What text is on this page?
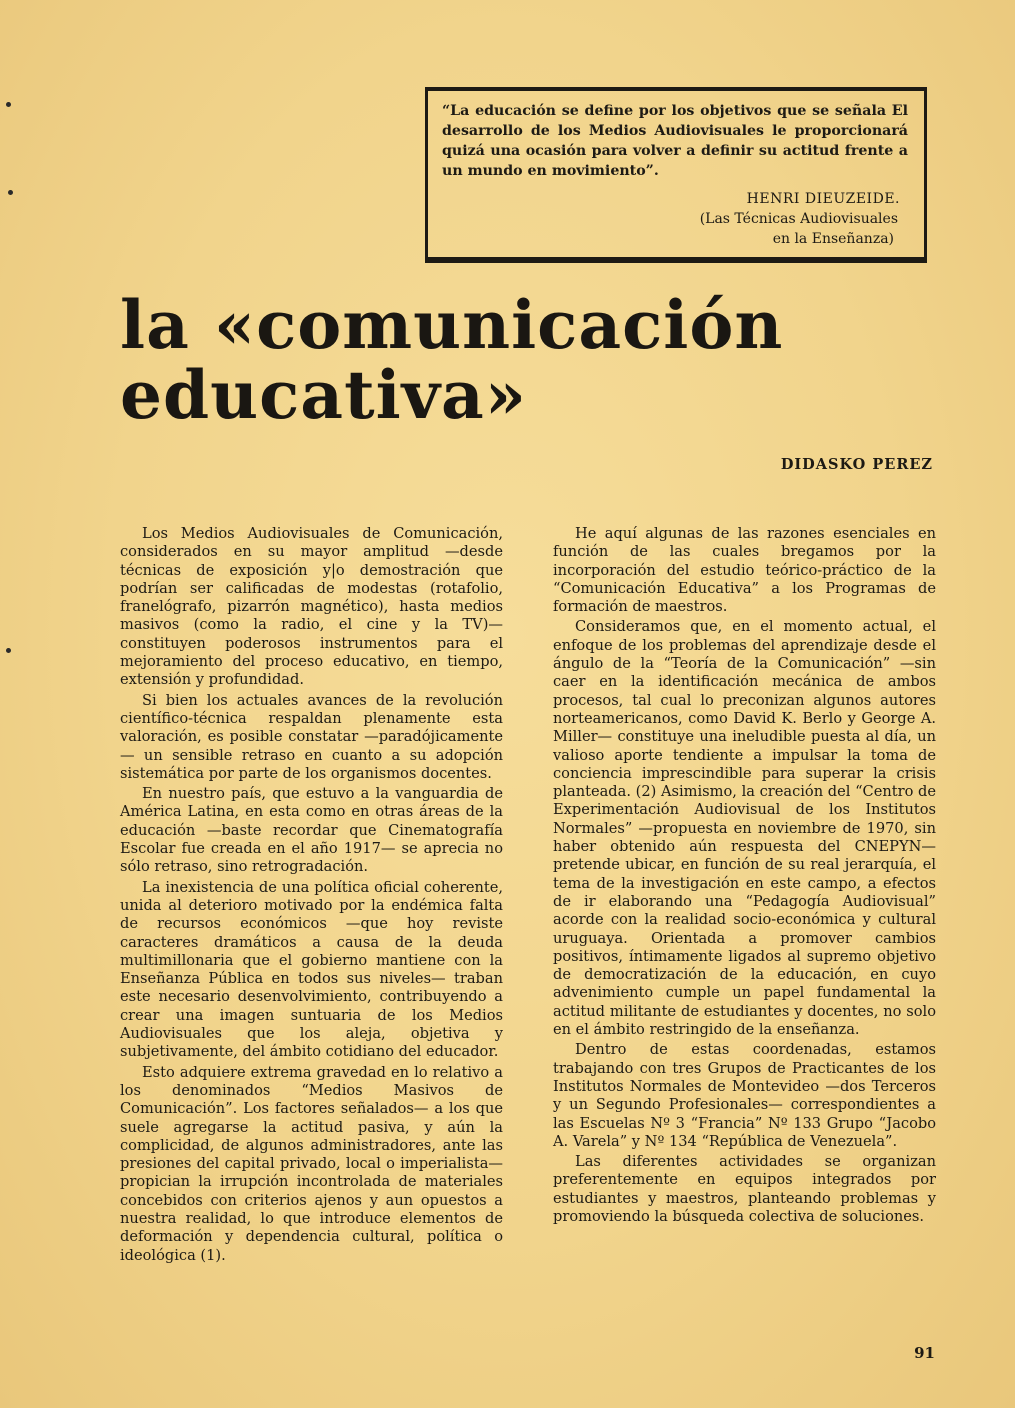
“La educación se define por los objetivos que se señala El desarrollo de los Medios Audiovisuales le proporcionará quizá una ocasión para volver a definir su actitud frente a un mundo en movimiento”.

HENRI DIEUZEIDE.

(Las Técnicas Audiovisuales
en la Enseñanza)

la «comunicación
educativa»
DIDASKO PEREZ

Los Medios Audiovisuales de Comunicación, considerados en su mayor amplitud —desde técnicas de exposición y|o demostración que podrían ser calificadas de modestas (rotafolio, franelógrafo, pizarrón magnético), hasta medios masivos (como la radio, el cine y la TV)— constituyen poderosos instrumentos para el mejoramiento del proceso educativo, en tiempo, extensión y profundidad.

Si bien los actuales avances de la revolución científico-técnica respaldan plenamente esta valoración, es posible constatar —paradójicamente— un sensible retraso en cuanto a su adopción sistemática por parte de los organismos docentes.

En nuestro país, que estuvo a la vanguardia de América Latina, en esta como en otras áreas de la educación —baste recordar que Cinematografía Escolar fue creada en el año 1917— se aprecia no sólo retraso, sino retrogradación.

La inexistencia de una política oficial coherente, unida al deterioro motivado por la endémica falta de recursos económicos —que hoy reviste caracteres dramáticos a causa de la deuda multimillonaria que el gobierno mantiene con la Enseñanza Pública en todos sus niveles— traban este necesario desenvolvimiento, contribuyendo a crear una imagen suntuaria de los Medios Audiovisuales que los aleja, objetiva y subjetivamente, del ámbito cotidiano del educador.

Esto adquiere extrema gravedad en lo relativo a los denominados “Medios Masivos de Comunicación”. Los factores señalados— a los que suele agregarse la actitud pasiva, y aún la complicidad, de algunos administradores, ante las presiones del capital privado, local o imperialista— propician la irrupción incontrolada de materiales concebidos con criterios ajenos y aun opuestos a nuestra realidad, lo que introduce elementos de deformación y dependencia cultural, política o ideológica (1).

He aquí algunas de las razones esenciales en función de las cuales bregamos por la incorporación del estudio teórico-práctico de la “Comunicación Educativa” a los Programas de formación de maestros.

Consideramos que, en el momento actual, el enfoque de los problemas del aprendizaje desde el ángulo de la “Teoría de la Comunicación” —sin caer en la identificación mecánica de ambos procesos, tal cual lo preconizan algunos autores norteamericanos, como David K. Berlo y George A. Miller— constituye una ineludible puesta al día, un valioso aporte tendiente a impulsar la toma de conciencia imprescindible para superar la crisis planteada. (2) Asimismo, la creación del “Centro de Experimentación Audiovisual de los Institutos Normales” —propuesta en noviembre de 1970, sin haber obtenido aún respuesta del CNEPYN— pretende ubicar, en función de su real jerarquía, el tema de la investigación en este campo, a efectos de ir elaborando una “Pedagogía Audiovisual” acorde con la realidad socio-económica y cultural uruguaya. Orientada a promover cambios positivos, íntimamente ligados al supremo objetivo de democratización de la educación, en cuyo advenimiento cumple un papel fundamental la actitud militante de estudiantes y docentes, no solo en el ámbito restringido de la enseñanza.

Dentro de estas coordenadas, estamos trabajando con tres Grupos de Practicantes de los Institutos Normales de Montevideo —dos Terceros y un Segundo Profesionales— correspondientes a las Escuelas Nº 3 “Francia” Nº 133 Grupo “Jacobo A. Varela” y Nº 134 “República de Venezuela”.

Las diferentes actividades se organizan preferentemente en equipos integrados por estudiantes y maestros, planteando problemas y promoviendo la búsqueda colectiva de soluciones.

91
